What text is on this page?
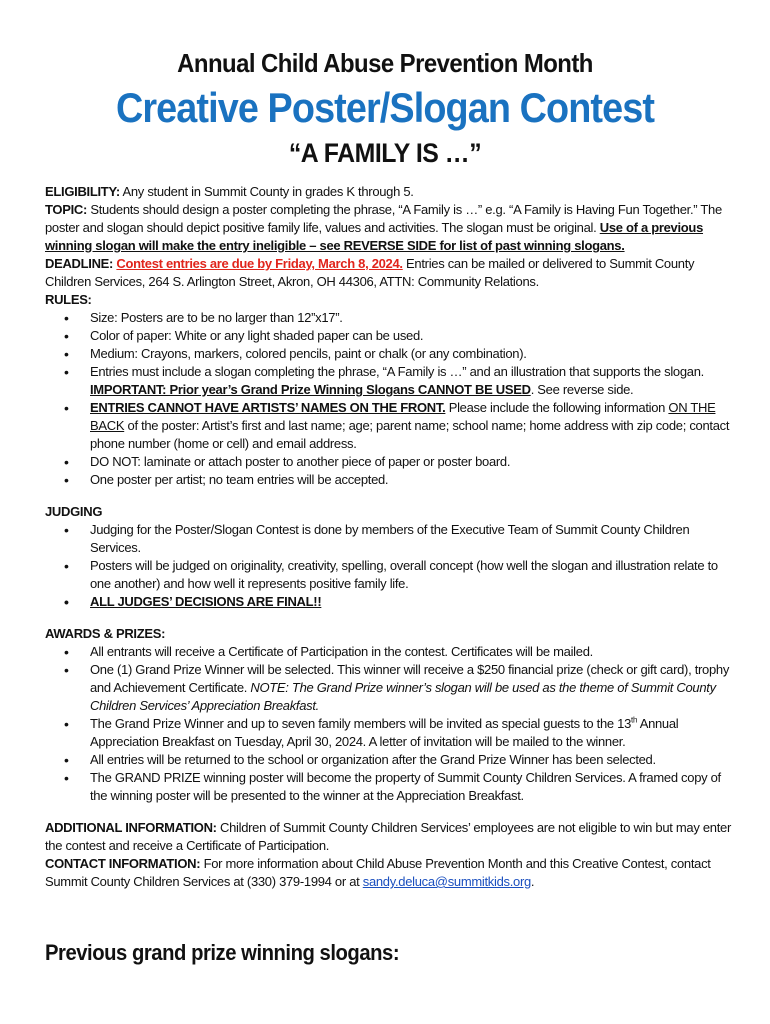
Annual Child Abuse Prevention Month
Creative Poster/Slogan Contest
“A FAMILY IS …”

ELIGIBILITY: Any student in Summit County in grades K through 5.

TOPIC: Students should design a poster completing the phrase, “A Family is …” e.g. “A Family is Having Fun Together.” The poster and slogan should depict positive family life, values and activities. The slogan must be original. Use of a previous winning slogan will make the entry ineligible – see REVERSE SIDE for list of past winning slogans.

DEADLINE: Contest entries are due by Friday, March 8, 2024. Entries can be mailed or delivered to Summit County Children Services, 264 S. Arlington Street, Akron, OH 44306, ATTN: Community Relations.

RULES:

• Size: Posters are to be no larger than 12”x17”.
• Color of paper: White or any light shaded paper can be used.
• Medium: Crayons, markers, colored pencils, paint or chalk (or any combination).
• Entries must include a slogan completing the phrase, “A Family is …” and an illustration that supports the slogan. IMPORTANT: Prior year’s Grand Prize Winning Slogans CANNOT BE USED. See reverse side.
• ENTRIES CANNOT HAVE ARTISTS’ NAMES ON THE FRONT. Please include the following information ON THE BACK of the poster: Artist’s first and last name; age; parent name; school name; home address with zip code; contact phone number (home or cell) and email address.
• DO NOT: laminate or attach poster to another piece of paper or poster board.
• One poster per artist; no team entries will be accepted.

JUDGING

• Judging for the Poster/Slogan Contest is done by members of the Executive Team of Summit County Children Services.
• Posters will be judged on originality, creativity, spelling, overall concept (how well the slogan and illustration relate to one another) and how well it represents positive family life.
• ALL JUDGES’ DECISIONS ARE FINAL!!

AWARDS & PRIZES:

• All entrants will receive a Certificate of Participation in the contest. Certificates will be mailed.
• One (1) Grand Prize Winner will be selected. This winner will receive a $250 financial prize (check or gift card), trophy and Achievement Certificate. NOTE: The Grand Prize winner’s slogan will be used as the theme of Summit County Children Services’ Appreciation Breakfast.
• The Grand Prize Winner and up to seven family members will be invited as special guests to the 13th Annual Appreciation Breakfast on Tuesday, April 30, 2024. A letter of invitation will be mailed to the winner.
• All entries will be returned to the school or organization after the Grand Prize Winner has been selected.
• The GRAND PRIZE winning poster will become the property of Summit County Children Services. A framed copy of the winning poster will be presented to the winner at the Appreciation Breakfast.

ADDITIONAL INFORMATION: Children of Summit County Children Services’ employees are not eligible to win but may enter the contest and receive a Certificate of Participation.

CONTACT INFORMATION: For more information about Child Abuse Prevention Month and this Creative Contest, contact Summit County Children Services at (330) 379-1994 or at sandy.deluca@summitkids.org.

Previous grand prize winning slogans:
